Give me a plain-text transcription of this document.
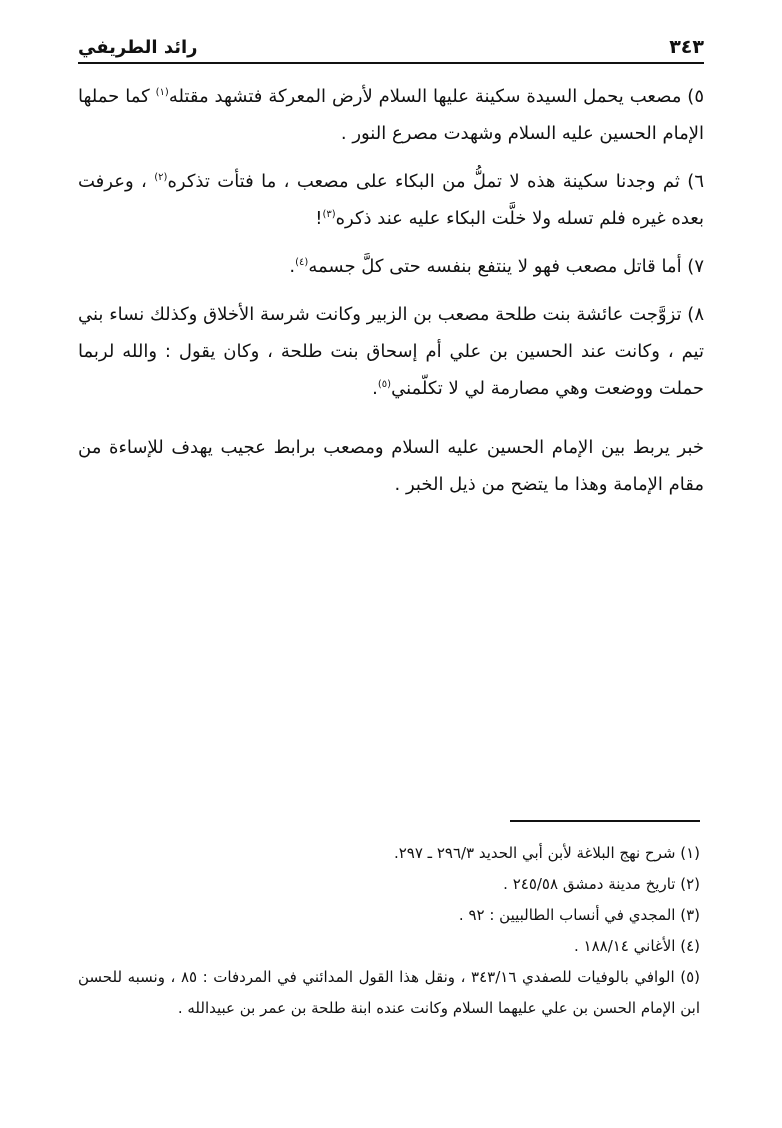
٣٤٣
رائد الطريفي

٥) مصعب يحمل السيدة سكينة عليها السلام لأرض المعركة فتشهد مقتله$^{(١)}$ كما حملها الإمام الحسين عليه السلام وشهدت مصرع النور .

٦) ثم وجدنا سكينة هذه لا تملُّ من البكاء على مصعب ، ما فتأت تذكره$^{(٢)}$ ، وعرفت بعده غيره فلم تسله ولا خلَّت البكاء عليه عند ذكره$^{(٣)}$!

٧) أما قاتل مصعب فهو لا ينتفع بنفسه حتى كلَّ جسمه$^{(٤)}$.

٨) تزوَّجت عائشة بنت طلحة مصعب بن الزبير وكانت شرسة الأخلاق وكذلك نساء بني تيم ، وكانت عند الحسين بن علي أم إسحاق بنت طلحة ، وكان يقول : والله لربما حملت ووضعت وهي مصارمة لي لا تكلّمني$^{(٥)}$.

خبر يربط بين الإمام الحسين عليه السلام ومصعب برابط عجيب يهدف للإساءة من مقام الإمامة وهذا ما يتضح من ذيل الخبر .

(١) شرح نهج البلاغة لأبن أبي الحديد ٢٩٦/٣ ـ ٢٩٧.

(٢) تاريخ مدينة دمشق ٢٤٥/٥٨ .

(٣) المجدي في أنساب الطالبيين : ٩٢ .

(٤) الأغاني ١٨٨/١٤ .

(٥) الوافي بالوفيات للصفدي ٣٤٣/١٦ ، ونقل هذا القول المدائني في المردفات : ٨٥ ، ونسبه للحسن ابن الإمام الحسن بن علي عليهما السلام وكانت عنده ابنة طلحة بن عمر بن عبيدالله .
